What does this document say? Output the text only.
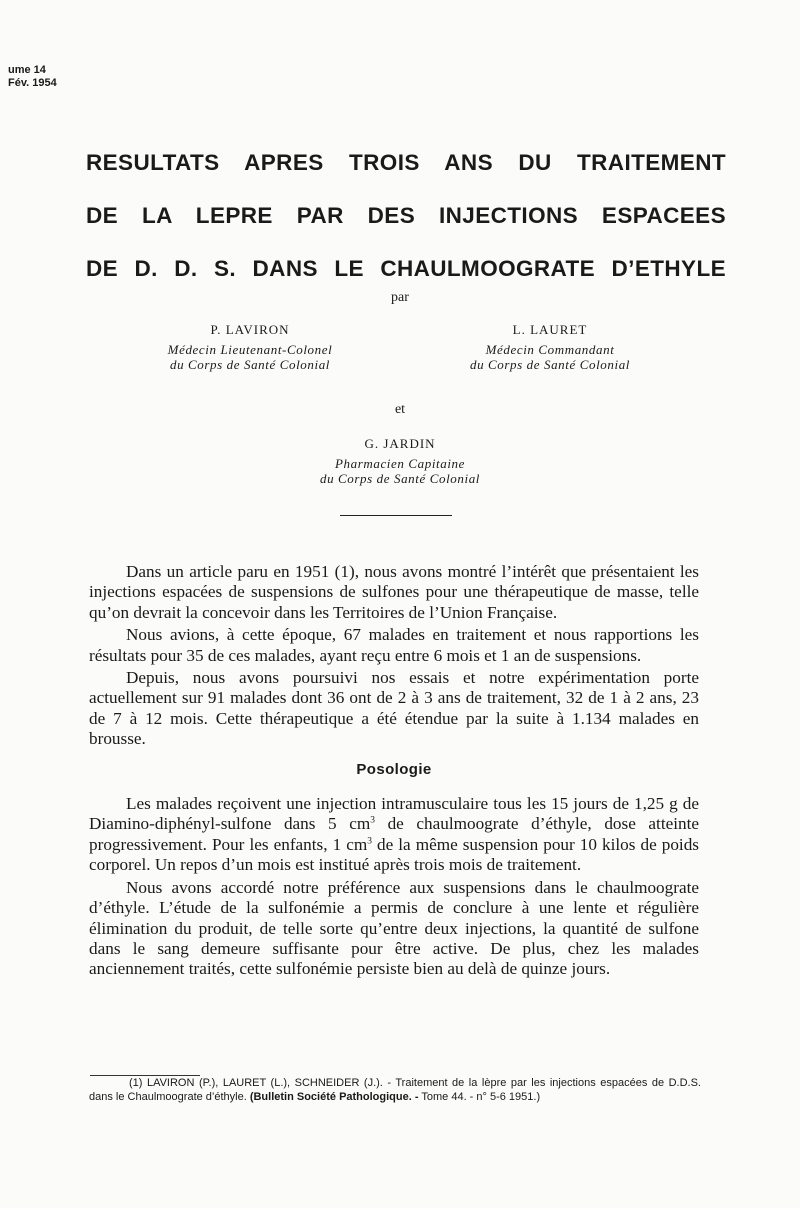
ume 14
Fév. 1954
RESULTATS APRES TROIS ANS DU TRAITEMENT
DE LA LEPRE PAR DES INJECTIONS ESPACEES
DE D. D. S. DANS LE CHAULMOOGRATE D’ETHYLE
par
P. LAVIRON
Médecin Lieutenant-Colonel
du Corps de Santé Colonial
L. LAURET
Médecin Commandant
du Corps de Santé Colonial
et
G. JARDIN
Pharmacien Capitaine
du Corps de Santé Colonial

Dans un article paru en 1951 (1), nous avons montré l’intérêt que présentaient les injections espacées de suspensions de sulfones pour une thérapeutique de masse, telle qu’on devrait la concevoir dans les Territoires de l’Union Française.

Nous avions, à cette époque, 67 malades en traitement et nous rapportions les résultats pour 35 de ces malades, ayant reçu entre 6 mois et 1 an de suspensions.

Depuis, nous avons poursuivi nos essais et notre expérimentation porte actuellement sur 91 malades dont 36 ont de 2 à 3 ans de traitement, 32 de 1 à 2 ans, 23 de 7 à 12 mois. Cette thérapeutique a été étendue par la suite à 1.134 malades en brousse.

Posologie

Les malades reçoivent une injection intramusculaire tous les 15 jours de 1,25 g de Diamino-diphényl-sulfone dans 5 $cm^3$ de chaulmoograte d’éthyle, dose atteinte progressivement. Pour les enfants, 1 $cm^3$ de la même suspension pour 10 kilos de poids corporel. Un repos d’un mois est institué après trois mois de traitement.

Nous avons accordé notre préférence aux suspensions dans le chaulmoograte d’éthyle. L’étude de la sulfonémie a permis de conclure à une lente et régulière élimination du produit, de telle sorte qu’entre deux injections, la quantité de sulfone dans le sang demeure suffisante pour être active. De plus, chez les malades anciennement traités, cette sulfonémie persiste bien au delà de quinze jours.

(1) LAVIRON (P.), LAURET (L.), SCHNEIDER (J.). - Traitement de la lèpre par les injections espacées de D.D.S. dans le Chaulmoograte d’éthyle. (Bulletin Société Pathologique. - Tome 44. - n° 5-6 1951.)
